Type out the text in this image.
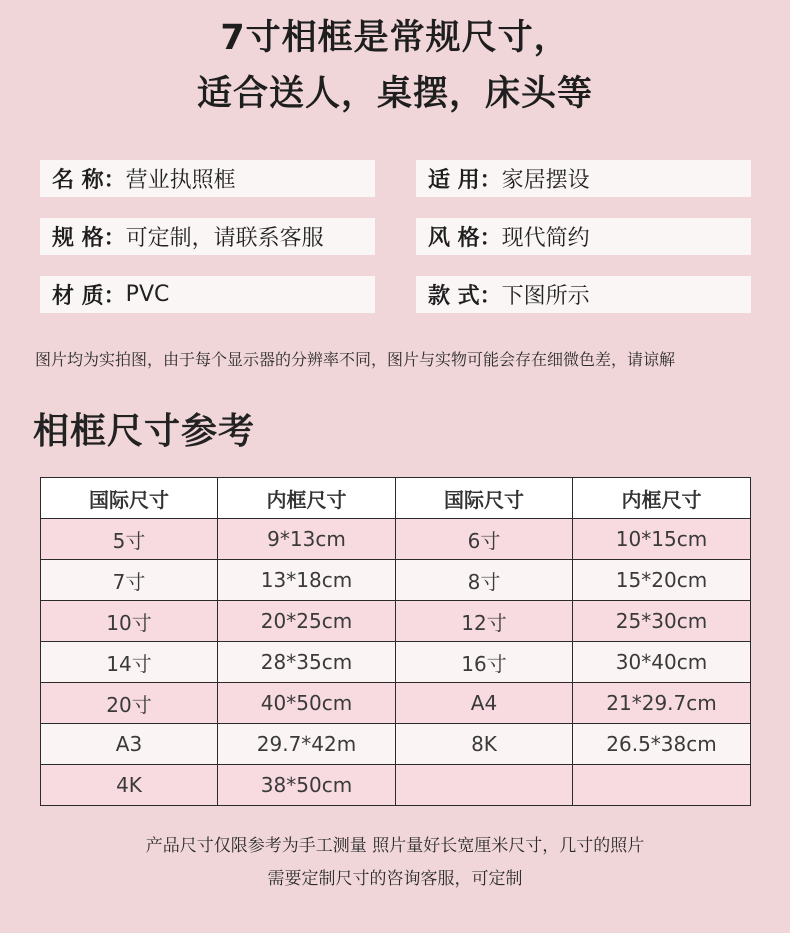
7寸相框是常规尺寸，
适合送人，桌摆，床头等
名 称： 营业执照框	适 用： 家居摆设
规 格： 可定制，请联系客服	风 格： 现代简约
材 质： PVC	款 式： 下图所示
图片均为实拍图，由于每个显示器的分辨率不同，图片与实物可能会存在细微色差，请谅解
相框尺寸参考
国际尺寸	内框尺寸	国际尺寸	内框尺寸
5寸	9*13cm	6寸	10*15cm
7寸	13*18cm	8寸	15*20cm
10寸	20*25cm	12寸	25*30cm
14寸	28*35cm	16寸	30*40cm
20寸	40*50cm	A4	21*29.7cm
A3	29.7*42m	8K	26.5*38cm
4K	38*50cm		
产品尺寸仅限参考为手工测量 照片量好长宽厘米尺寸，几寸的照片
需要定制尺寸的咨询客服，可定制
